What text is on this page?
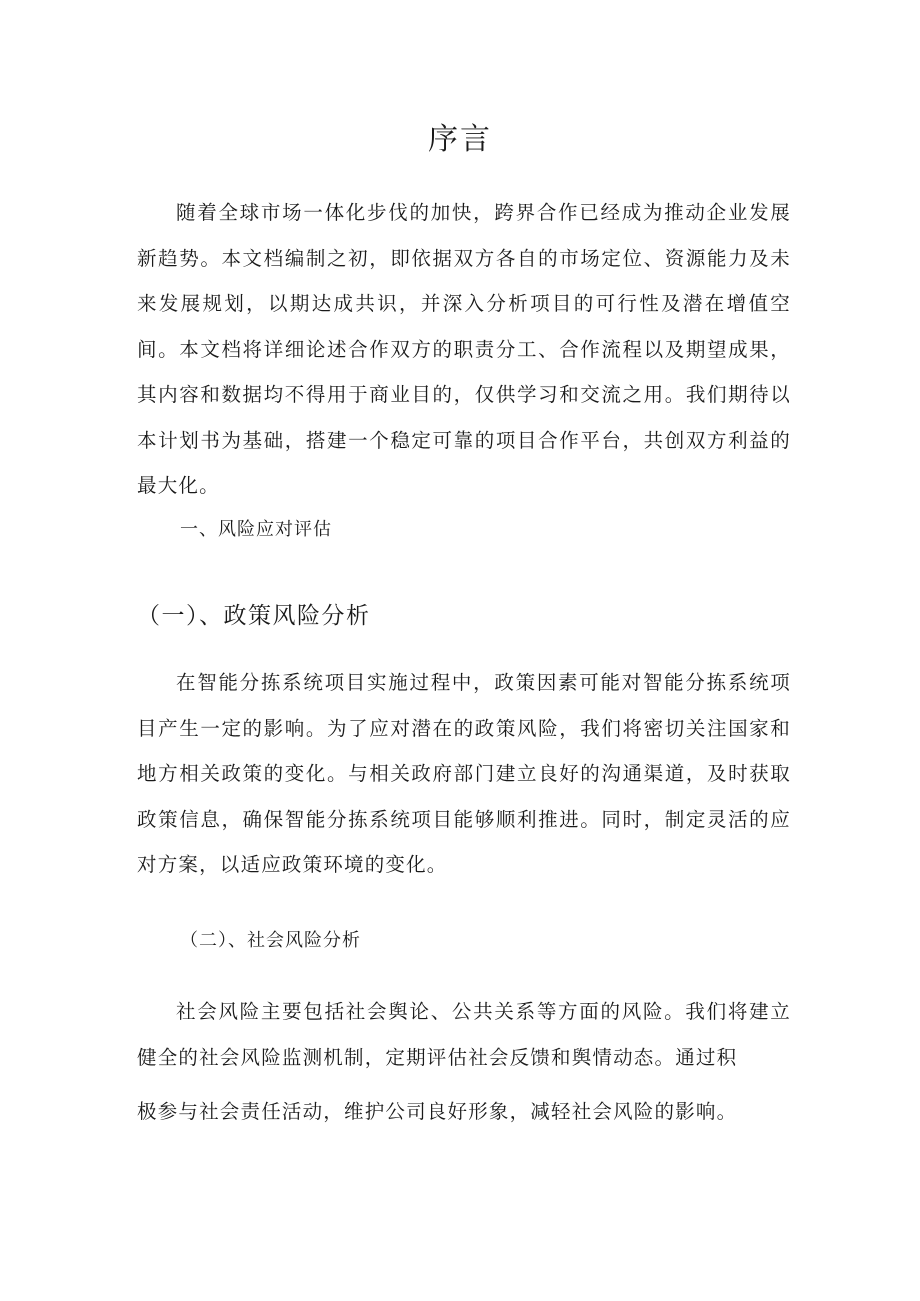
序言

随着全球市场一体化步伐的加快，跨界合作已经成为推动企业发展新趋势。本文档编制之初，即依据双方各自的市场定位、资源能力及未来发展规划，以期达成共识，并深入分析项目的可行性及潜在增值空间。本文档将详细论述合作双方的职责分工、合作流程以及期望成果，其内容和数据均不得用于商业目的，仅供学习和交流之用。我们期待以本计划书为基础，搭建一个稳定可靠的项目合作平台，共创双方利益的最大化。

一、风险应对评估
（一）、政策风险分析

在智能分拣系统项目实施过程中，政策因素可能对智能分拣系统项目产生一定的影响。为了应对潜在的政策风险，我们将密切关注国家和地方相关政策的变化。与相关政府部门建立良好的沟通渠道，及时获取政策信息，确保智能分拣系统项目能够顺利推进。同时，制定灵活的应对方案，以适应政策环境的变化。

（二）、社会风险分析

社会风险主要包括社会舆论、公共关系等方面的风险。我们将建立健全的社会风险监测机制，定期评估社会反馈和舆情动态。通过积

极参与社会责任活动，维护公司良好形象，减轻社会风险的影响。
